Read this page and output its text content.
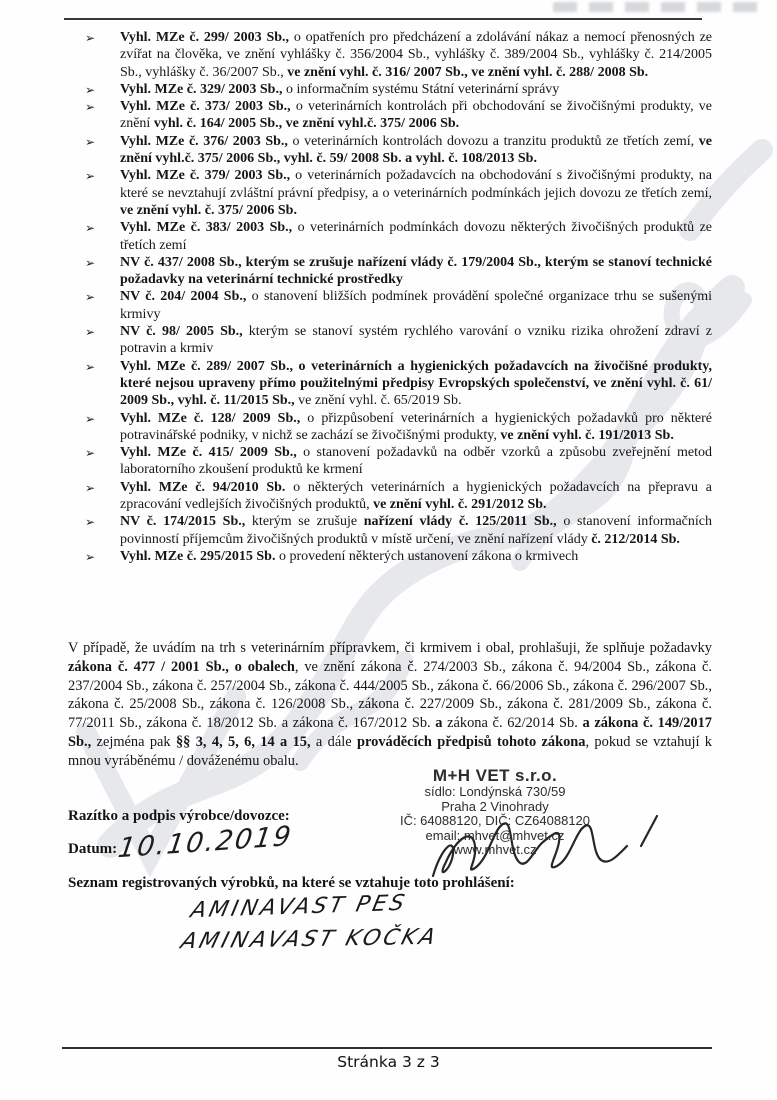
➢	Vyhl. MZe č. 299/ 2003 Sb., o opatřeních pro předcházení a zdolávání nákaz a nemocí přenosných ze zvířat na člověka, ve znění vyhlášky č. 356/2004 Sb., vyhlášky č. 389/2004 Sb., vyhlášky č. 214/2005 Sb., vyhlášky č. 36/2007 Sb., ve znění vyhl. č. 316/ 2007 Sb., ve znění vyhl. č. 288/ 2008 Sb.
➢	Vyhl. MZe č. 329/ 2003 Sb., o informačním systému Státní veterinární správy
➢	Vyhl. MZe č. 373/ 2003 Sb., o veterinárních kontrolách při obchodování se živočišnými produkty, ve znění vyhl. č. 164/ 2005 Sb., ve znění vyhl.č. 375/ 2006 Sb.
➢	Vyhl. MZe č. 376/ 2003 Sb., o veterinárních kontrolách dovozu a tranzitu produktů ze třetích zemí, ve znění vyhl.č. 375/ 2006 Sb., vyhl. č. 59/ 2008 Sb. a vyhl. č. 108/2013 Sb.
➢	Vyhl. MZe č. 379/ 2003 Sb., o veterinárních požadavcích na obchodování s živočišnými produkty, na které se nevztahují zvláštní právní předpisy, a o veterinárních podmínkách jejich dovozu ze třetích zemí, ve znění vyhl. č. 375/ 2006 Sb.
➢	Vyhl. MZe č. 383/ 2003 Sb., o veterinárních podmínkách dovozu některých živočišných produktů ze třetích zemí
➢	NV č. 437/ 2008 Sb., kterým se zrušuje nařízení vlády č. 179/2004 Sb., kterým se stanoví technické požadavky na veterinární technické prostředky
➢	NV č. 204/ 2004 Sb., o stanovení bližších podmínek provádění společné organizace trhu se sušenými krmivy
➢	NV č. 98/ 2005 Sb., kterým se stanoví systém rychlého varování o vzniku rizika ohrožení zdraví z potravin a krmiv
➢	Vyhl. MZe č. 289/ 2007 Sb., o veterinárních a hygienických požadavcích na živočišné produkty, které nejsou upraveny přímo použitelnými předpisy Evropských společenství, ve znění vyhl. č. 61/ 2009 Sb., vyhl. č. 11/2015 Sb., ve znění vyhl. č. 65/2019 Sb.
➢	Vyhl. MZe č. 128/ 2009 Sb., o přizpůsobení veterinárních a hygienických požadavků pro některé potravinářské podniky, v nichž se zachází se živočišnými produkty, ve znění vyhl. č. 191/2013 Sb.
➢	Vyhl. MZe č. 415/ 2009 Sb., o stanovení požadavků na odběr vzorků a způsobu zveřejnění metod laboratorního zkoušení produktů ke krmení
➢	Vyhl. MZe č. 94/2010 Sb. o některých veterinárních a hygienických požadavcích na přepravu a zpracování vedlejších živočišných produktů, ve znění vyhl. č. 291/2012 Sb.
➢	NV č. 174/2015 Sb., kterým se zrušuje nařízení vlády č. 125/2011 Sb., o stanovení informačních povinností příjemcům živočišných produktů v místě určení, ve znění nařízení vlády č. 212/2014 Sb.
➢	Vyhl. MZe č. 295/2015 Sb. o provedení některých ustanovení zákona o krmivech
V případě, že uvádím na trh s veterinárním přípravkem, či krmivem i obal, prohlašuji, že splňuje požadavky zákona č. 477 / 2001 Sb., o obalech, ve znění zákona č. 274/2003 Sb., zákona č. 94/2004 Sb., zákona č. 237/2004 Sb., zákona č. 257/2004 Sb., zákona č. 444/2005 Sb., zákona č. 66/2006 Sb., zákona č. 296/2007 Sb., zákona č. 25/2008 Sb., zákona č. 126/2008 Sb., zákona č. 227/2009 Sb., zákona č. 281/2009 Sb., zákona č. 77/2011 Sb., zákona č. 18/2012 Sb. a zákona č. 167/2012 Sb. a zákona č. 62/2014 Sb. a zákona č. 149/2017 Sb., zejména pak §§ 3, 4, 5, 6, 14 a 15, a dále prováděcích předpisů tohoto zákona, pokud se vztahují k mnou vyráběnému / dováženému obalu.
M+H VET s.r.o.
sídlo: Londýnská 730/59
Praha 2 Vinohrady
IČ: 64088120, DIČ: CZ64088120
email: mhvet@mhvet.cz
www.mhvet.cz
Razítko a podpis výrobce/dovozce:
Datum:
10.10.2019
Seznam registrovaných výrobků, na které se vztahuje toto prohlášení:
AMINAVAST PES
AMINAVAST KOČKA
Stránka 3 z 3
